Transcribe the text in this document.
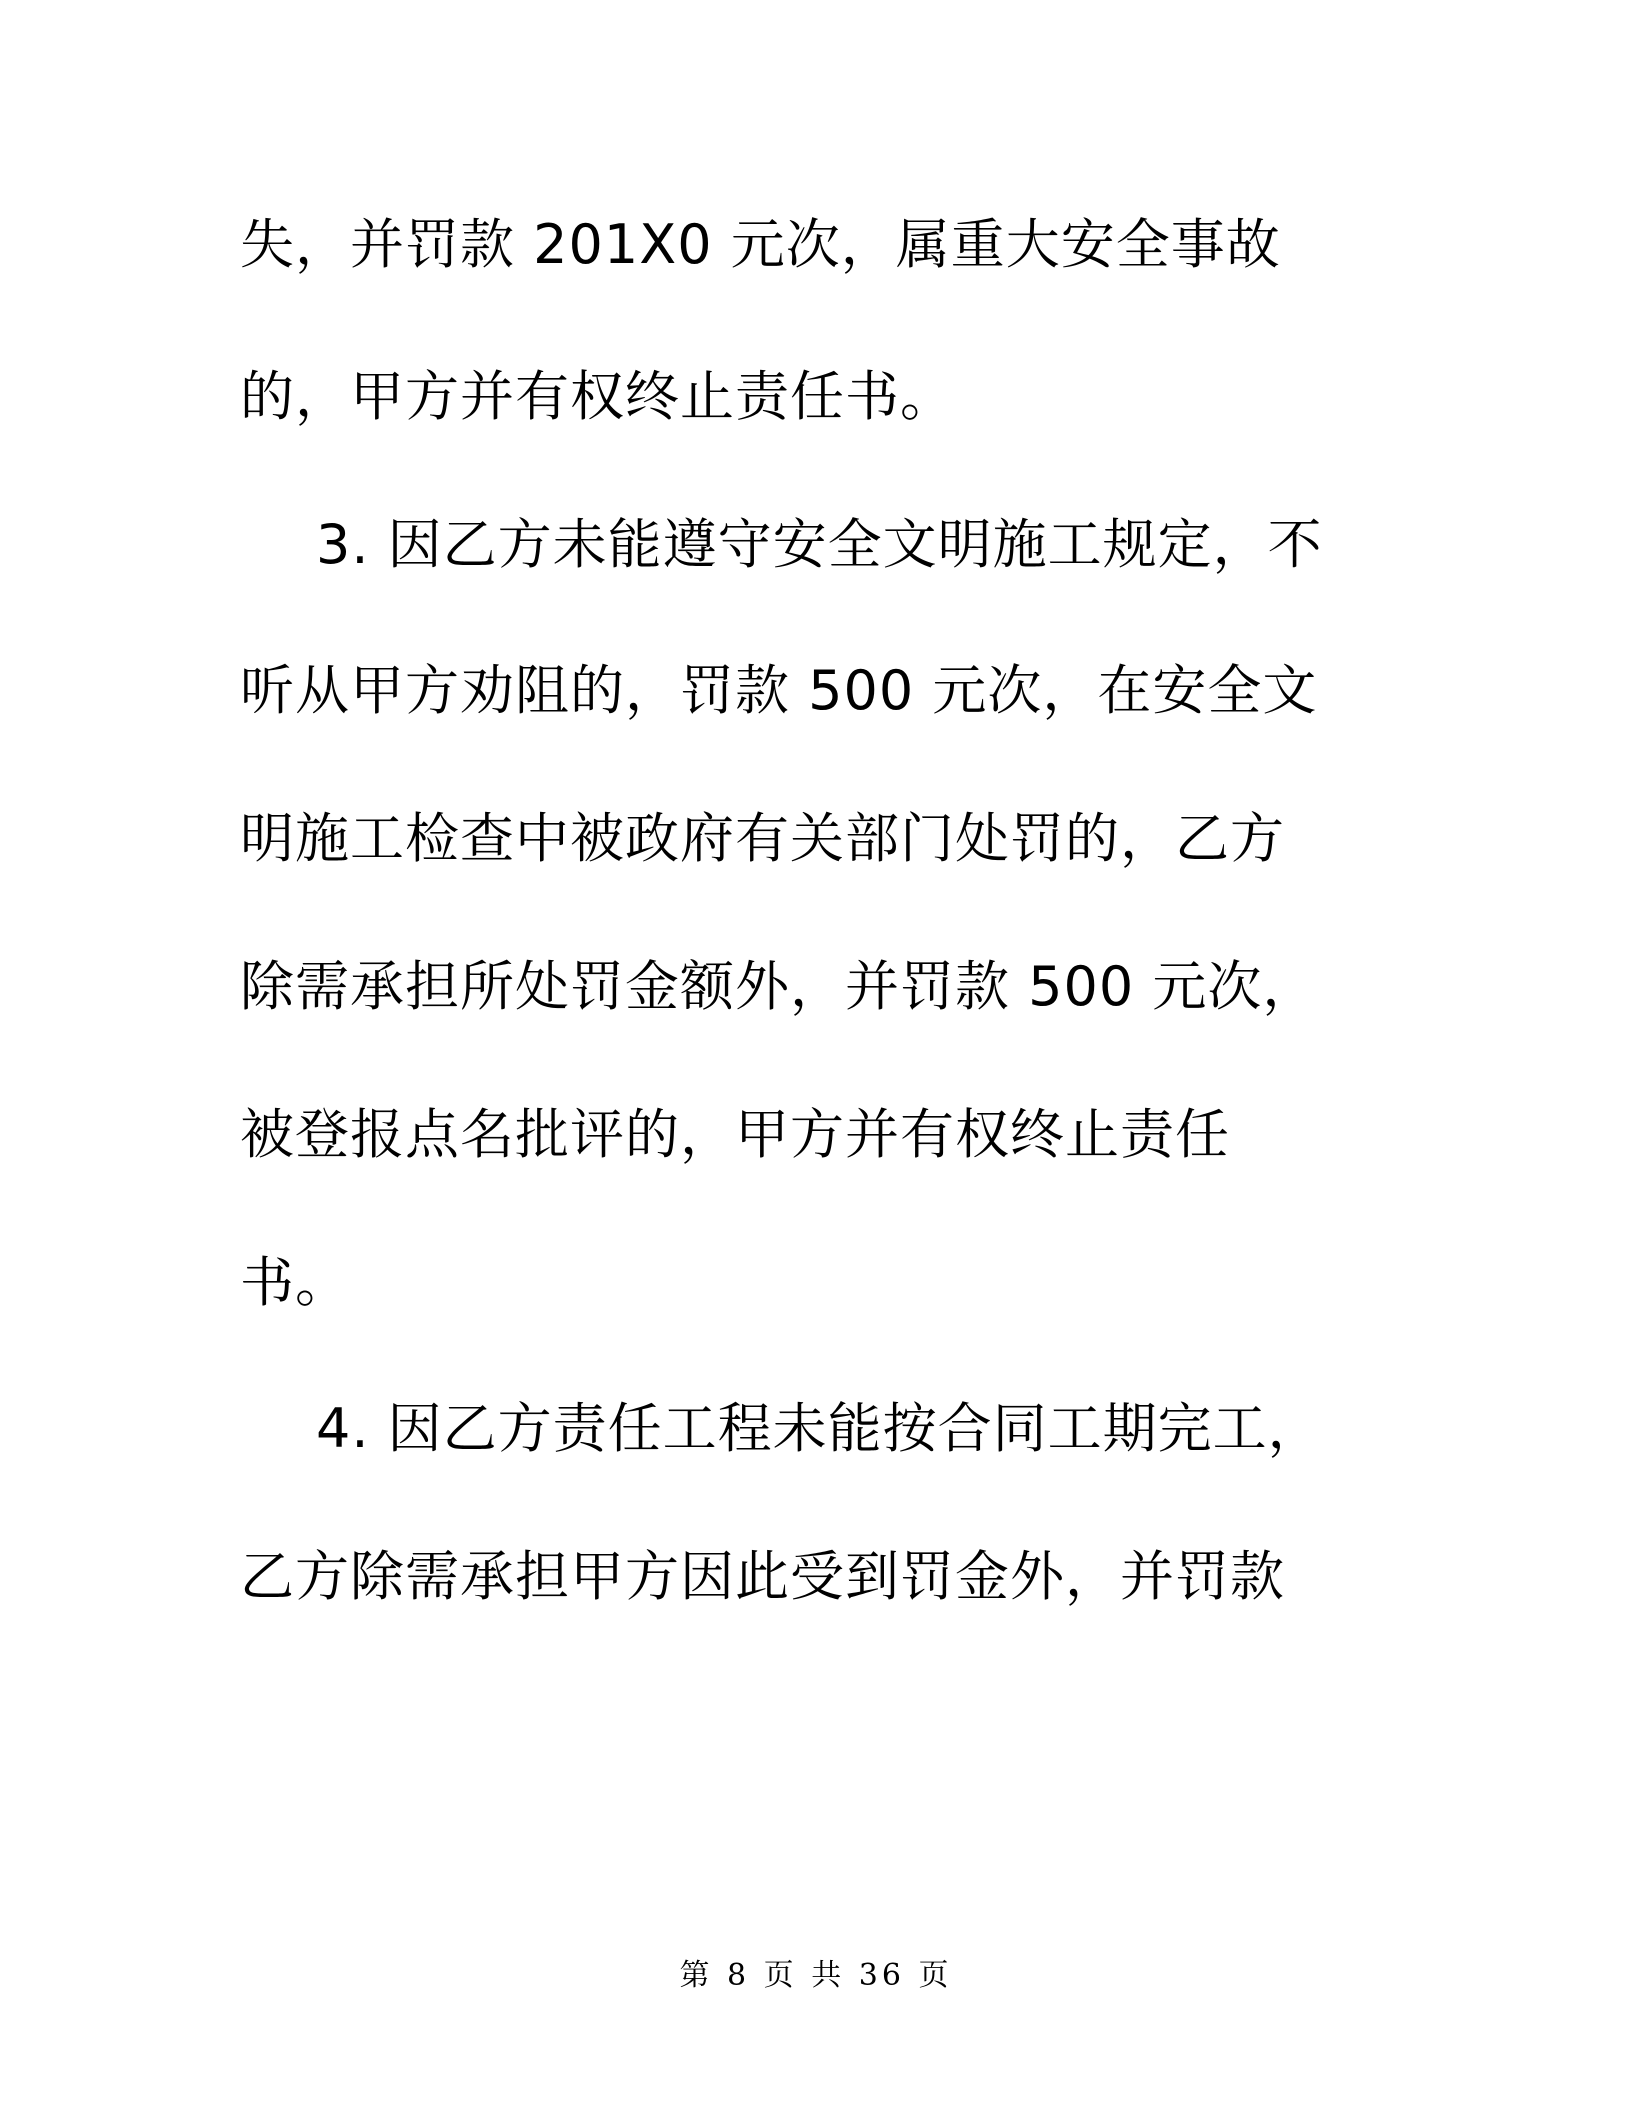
失，并罚款 201X0 元次，属重大安全事故
的，甲方并有权终止责任书。
3. 因乙方未能遵守安全文明施工规定，不
听从甲方劝阻的，罚款 500 元次，在安全文
明施工检查中被政府有关部门处罚的，乙方
除需承担所处罚金额外，并罚款 500 元次，
被登报点名批评的，甲方并有权终止责任
书。
4. 因乙方责任工程未能按合同工期完工，
乙方除需承担甲方因此受到罚金外，并罚款
第 8 页 共 36 页
